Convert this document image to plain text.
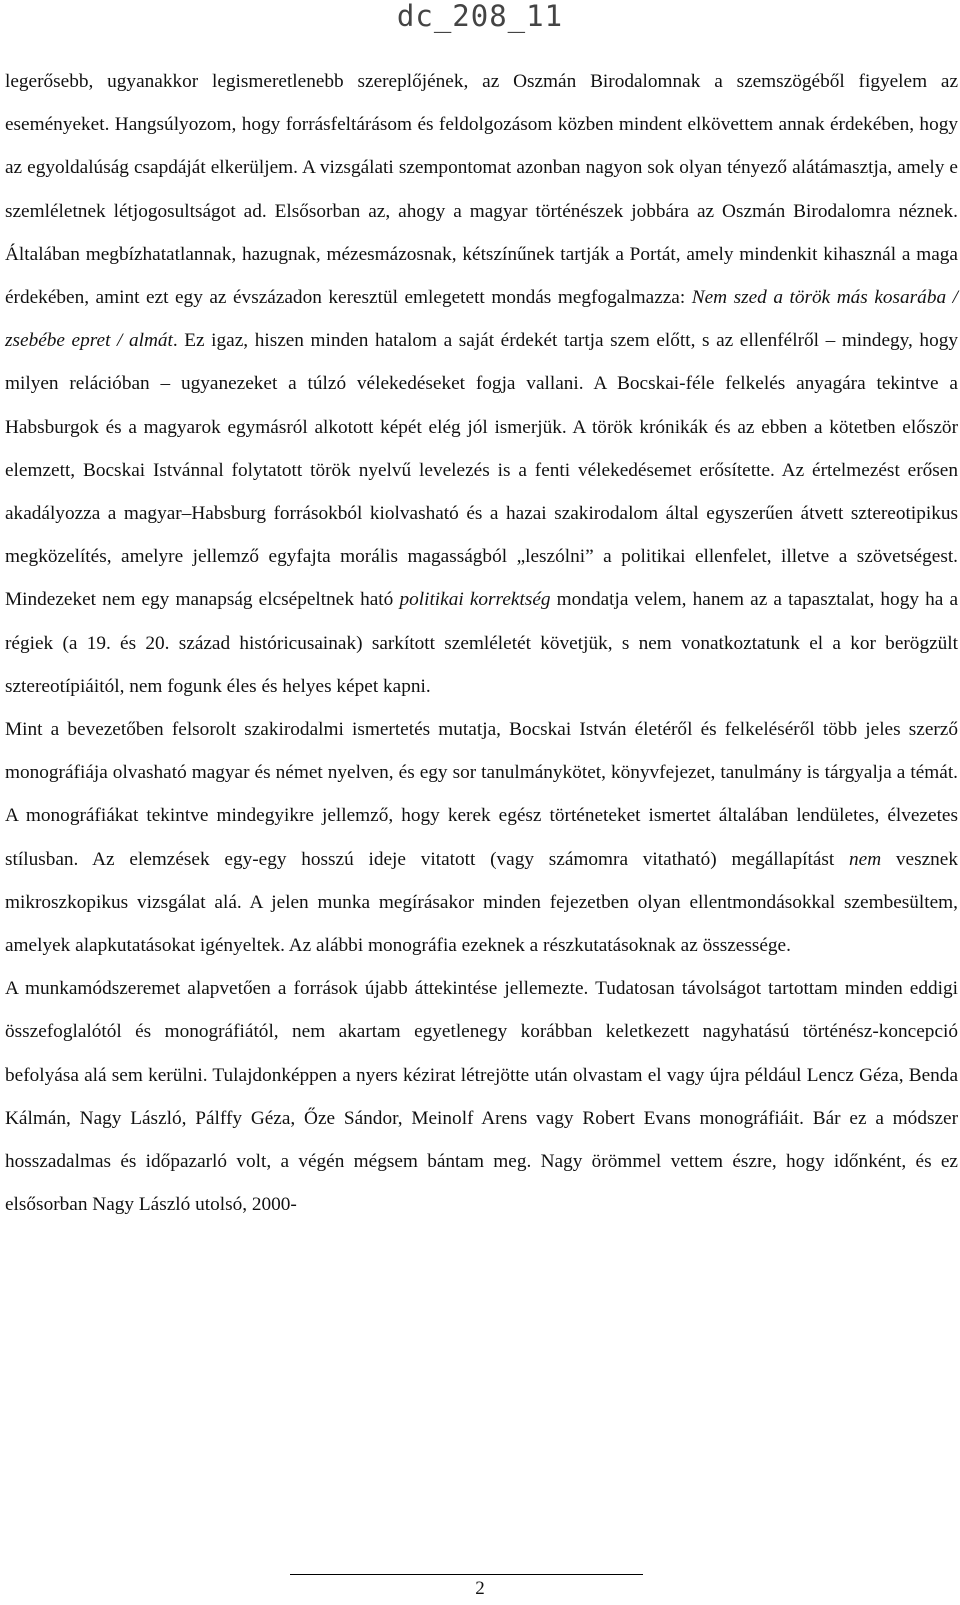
dc_208_11

legerősebb, ugyanakkor legismeretlenebb szereplőjének, az Oszmán Birodalomnak a szemszögéből figyelem az eseményeket. Hangsúlyozom, hogy forrásfeltárásom és feldolgozásom közben mindent elkövettem annak érdekében, hogy az egyoldalúság csapdáját elkerüljem. A vizsgálati szempontomat azonban nagyon sok olyan tényező alátámasztja, amely e szemléletnek létjogosultságot ad. Elsősorban az, ahogy a magyar történészek jobbára az Oszmán Birodalomra néznek. Általában megbízhatatlannak, hazugnak, mézesmázosnak, kétszínűnek tartják a Portát, amely mindenkit kihasznál a maga érdekében, amint ezt egy az évszázadon keresztül emlegetett mondás megfogalmazza: Nem szed a török más kosarába / zsebébe epret / almát. Ez igaz, hiszen minden hatalom a saját érdekét tartja szem előtt, s az ellenfélről – mindegy, hogy milyen relációban – ugyanezeket a túlzó vélekedéseket fogja vallani. A Bocskai-féle felkelés anyagára tekintve a Habsburgok és a magyarok egymásról alkotott képét elég jól ismerjük. A török krónikák és az ebben a kötetben először elemzett, Bocskai Istvánnal folytatott török nyelvű levelezés is a fenti vélekedésemet erősítette. Az értelmezést erősen akadályozza a magyar–Habsburg forrásokból kiolvasható és a hazai szakirodalom által egyszerűen átvett sztereotipikus megközelítés, amelyre jellemző egyfajta morális magasságból „leszólni” a politikai ellenfelet, illetve a szövetségest. Mindezeket nem egy manapság elcsépeltnek ható politikai korrektség mondatja velem, hanem az a tapasztalat, hogy ha a régiek (a 19. és 20. század históricusainak) sarkított szemléletét követjük, s nem vonatkoztatunk el a kor berögzült sztereotípiáitól, nem fogunk éles és helyes képet kapni.

Mint a bevezetőben felsorolt szakirodalmi ismertetés mutatja, Bocskai István életéről és felkeléséről több jeles szerző monográfiája olvasható magyar és német nyelven, és egy sor tanulmánykötet, könyvfejezet, tanulmány is tárgyalja a témát. A monográfiákat tekintve mindegyikre jellemző, hogy kerek egész történeteket ismertet általában lendületes, élvezetes stílusban. Az elemzések egy-egy hosszú ideje vitatott (vagy számomra vitatható) megállapítást nem vesznek mikroszkopikus vizsgálat alá. A jelen munka megírásakor minden fejezetben olyan ellentmondásokkal szembesültem, amelyek alapkutatásokat igényeltek. Az alábbi monográfia ezeknek a részkutatásoknak az összessége.

A munkamódszeremet alapvetően a források újabb áttekintése jellemezte. Tudatosan távolságot tartottam minden eddigi összefoglalótól és monográfiától, nem akartam egyetlenegy korábban keletkezett nagyhatású történész-koncepció befolyása alá sem kerülni. Tulajdonképpen a nyers kézirat létrejötte után olvastam el vagy újra például Lencz Géza, Benda Kálmán, Nagy László, Pálffy Géza, Őze Sándor, Meinolf Arens vagy Robert Evans monográfiáit. Bár ez a módszer hosszadalmas és időpazarló volt, a végén mégsem bántam meg. Nagy örömmel vettem észre, hogy időnként, és ez elsősorban Nagy László utolsó, 2000-

2
